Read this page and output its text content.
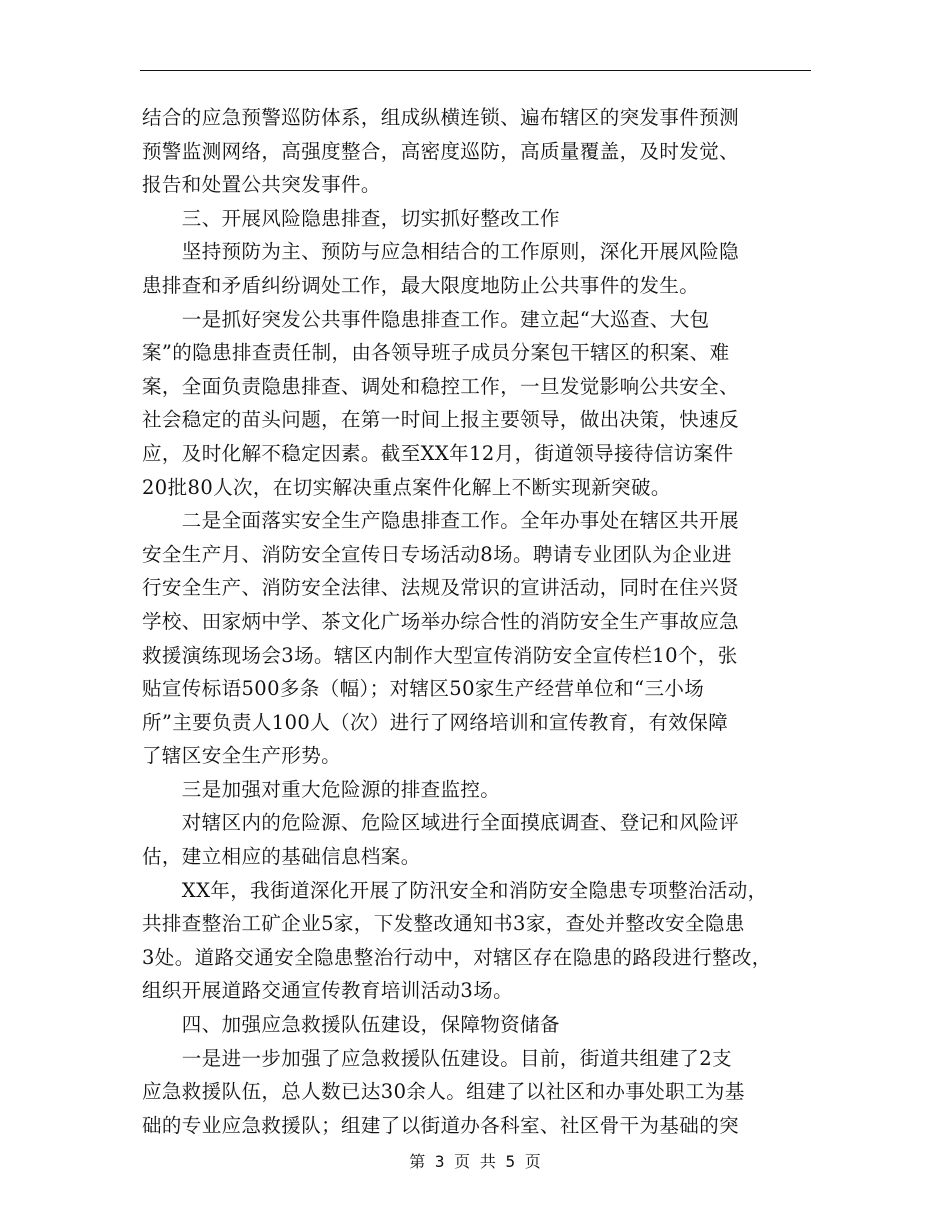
结合的应急预警巡防体系，组成纵横连锁、遍布辖区的突发事件预测
预警监测网络，高强度整合，高密度巡防，高质量覆盖，及时发觉、
报告和处置公共突发事件。
　　三、开展风险隐患排查，切实抓好整改工作
　　坚持预防为主、预防与应急相结合的工作原则，深化开展风险隐
患排查和矛盾纠纷调处工作，最大限度地防止公共事件的发生。
　　一是抓好突发公共事件隐患排查工作。建立起“大巡查、大包
案”的隐患排查责任制，由各领导班子成员分案包干辖区的积案、难
案，全面负责隐患排查、调处和稳控工作，一旦发觉影响公共安全、
社会稳定的苗头问题，在第一时间上报主要领导，做出决策，快速反
应，及时化解不稳定因素。截至XX年12月，街道领导接待信访案件
20批80人次，在切实解决重点案件化解上不断实现新突破。
　　二是全面落实安全生产隐患排查工作。全年办事处在辖区共开展
安全生产月、消防安全宣传日专场活动8场。聘请专业团队为企业进
行安全生产、消防安全法律、法规及常识的宣讲活动，同时在住兴贤
学校、田家炳中学、茶文化广场举办综合性的消防安全生产事故应急
救援演练现场会3场。辖区内制作大型宣传消防安全宣传栏10个，张
贴宣传标语500多条（幅）；对辖区50家生产经营单位和“三小场
所”主要负责人100人（次）进行了网络培训和宣传教育，有效保障
了辖区安全生产形势。
　　三是加强对重大危险源的排查监控。
　　对辖区内的危险源、危险区域进行全面摸底调查、登记和风险评
估，建立相应的基础信息档案。
　　XX年，我街道深化开展了防汛安全和消防安全隐患专项整治活动，
共排查整治工矿企业5家，下发整改通知书3家，查处并整改安全隐患
3处。道路交通安全隐患整治行动中，对辖区存在隐患的路段进行整改，
组织开展道路交通宣传教育培训活动3场。
　　四、加强应急救援队伍建设，保障物资储备
　　一是进一步加强了应急救援队伍建设。目前，街道共组建了2支
应急救援队伍，总人数已达30余人。组建了以社区和办事处职工为基
础的专业应急救援队；组建了以街道办各科室、社区骨干为基础的突
第 3 页 共 5 页
